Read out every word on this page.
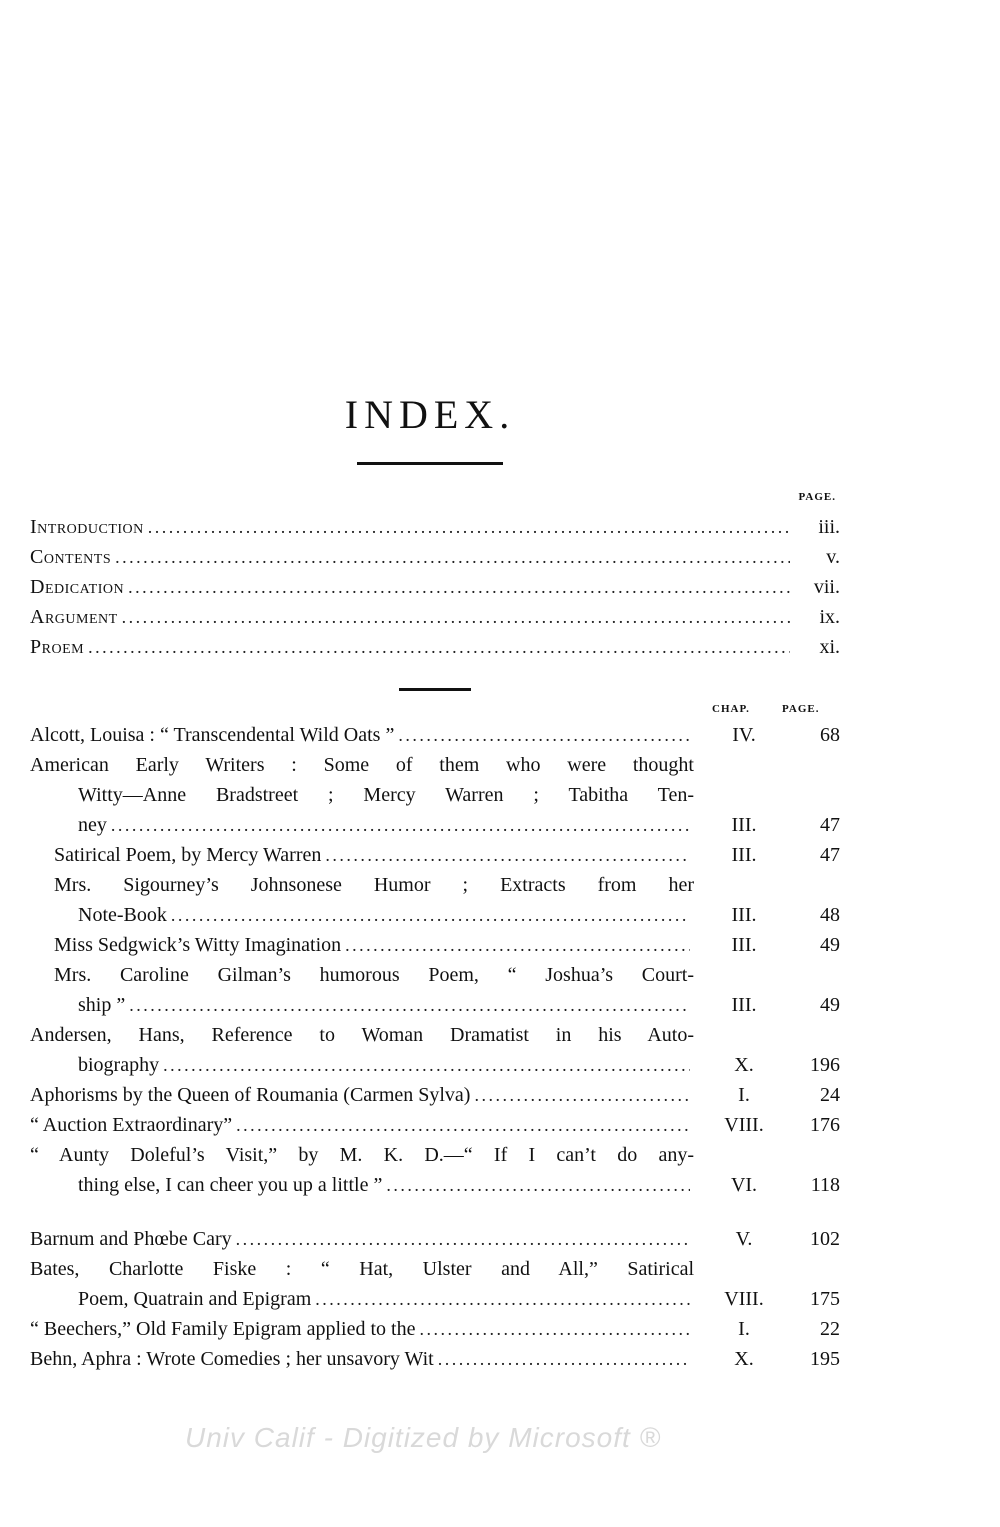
INDEX.
PAGE.
Introduction . . .	iii.
Contents . . .	v.
Dedication . . .	vii.
Argument . . .	ix.
Proem . . .	xi.
CHAP.	PAGE.
Alcott, Louisa : “ Transcendental Wild Oats ” . . .	IV.	68
American Early Writers : Some of them who were thought
Witty—Anne Bradstreet ; Mercy Warren ; Tabitha Ten-
ney . . .	III.	47
Satirical Poem, by Mercy Warren . . .	III.	47
Mrs. Sigourney’s Johnsonese Humor ; Extracts from her
Note-Book . . .	III.	48
Miss Sedgwick’s Witty Imagination . . .	III.	49
Mrs. Caroline Gilman’s humorous Poem, “ Joshua’s Court-
ship ” . . .	III.	49
Andersen, Hans, Reference to Woman Dramatist in his Auto-
biography . . .	X.	196
Aphorisms by the Queen of Roumania (Carmen Sylva) . . .	I.	24
“ Auction Extraordinary” . . .	VIII.	176
“ Aunty Doleful’s Visit,” by M. K. D.—“ If I can’t do any-
thing else, I can cheer you up a little ” . . .	VI.	118
Barnum and Phœbe Cary . . .	V.	102
Bates, Charlotte Fiske : “ Hat, Ulster and All,” Satirical
Poem, Quatrain and Epigram . . .	VIII.	175
“ Beechers,” Old Family Epigram applied to the . . .	I.	22
Behn, Aphra : Wrote Comedies ; her unsavory Wit . . .	X.	195
Univ Calif - Digitized by Microsoft ®
